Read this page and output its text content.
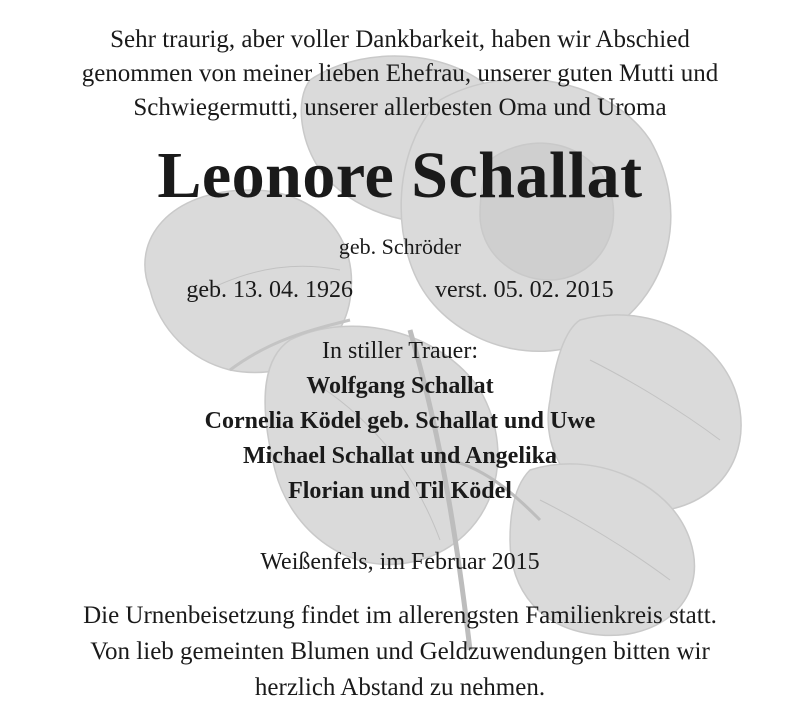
Sehr traurig, aber voller Dankbarkeit, haben wir Abschied
genommen von meiner lieben Ehefrau, unserer guten Mutti und
Schwiegermutti, unserer allerbesten Oma und Uroma
Leonore Schallat
geb. Schröder
geb. 13. 04. 1926	verst. 05. 02. 2015
In stiller Trauer:
Wolfgang Schallat
Cornelia Ködel geb. Schallat und Uwe
Michael Schallat und Angelika
Florian und Til Ködel
Weißenfels, im Februar 2015
Die Urnenbeisetzung findet im allerengsten Familienkreis statt.
Von lieb gemeinten Blumen und Geldzuwendungen bitten wir
herzlich Abstand zu nehmen.
